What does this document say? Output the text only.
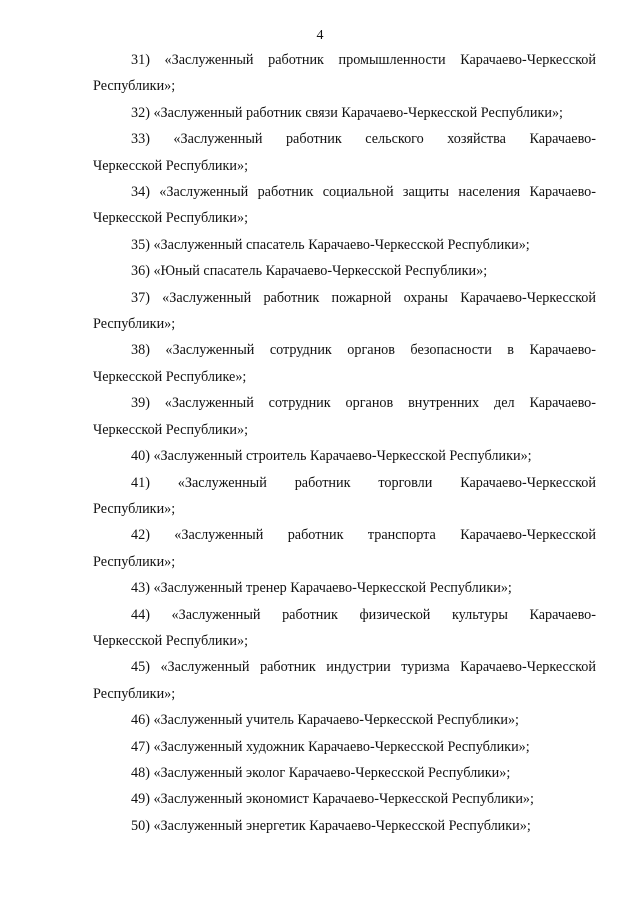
4

31) «Заслуженный работник промышленности Карачаево-Черкесской
Республики»;

32) «Заслуженный работник связи Карачаево-Черкесской Республики»;

33) «Заслуженный работник сельского хозяйства Карачаево-
Черкесской Республики»;

34) «Заслуженный работник социальной защиты населения Карачаево-
Черкесской Республики»;

35) «Заслуженный спасатель Карачаево-Черкесской Республики»;

36) «Юный спасатель Карачаево-Черкесской Республики»;

37) «Заслуженный работник пожарной охраны Карачаево-Черкесской
Республики»;

38) «Заслуженный сотрудник органов безопасности в Карачаево-
Черкесской Республике»;

39) «Заслуженный сотрудник органов внутренних дел Карачаево-
Черкесской Республики»;

40) «Заслуженный строитель Карачаево-Черкесской Республики»;

41) «Заслуженный работник торговли Карачаево-Черкесской
Республики»;

42) «Заслуженный работник транспорта Карачаево-Черкесской
Республики»;

43) «Заслуженный тренер Карачаево-Черкесской Республики»;

44) «Заслуженный работник физической культуры Карачаево-
Черкесской Республики»;

45) «Заслуженный работник индустрии туризма Карачаево-Черкесской
Республики»;

46) «Заслуженный учитель Карачаево-Черкесской Республики»;

47) «Заслуженный художник Карачаево-Черкесской Республики»;

48) «Заслуженный эколог Карачаево-Черкесской Республики»;

49) «Заслуженный экономист Карачаево-Черкесской Республики»;

50) «Заслуженный энергетик Карачаево-Черкесской Республики»;
